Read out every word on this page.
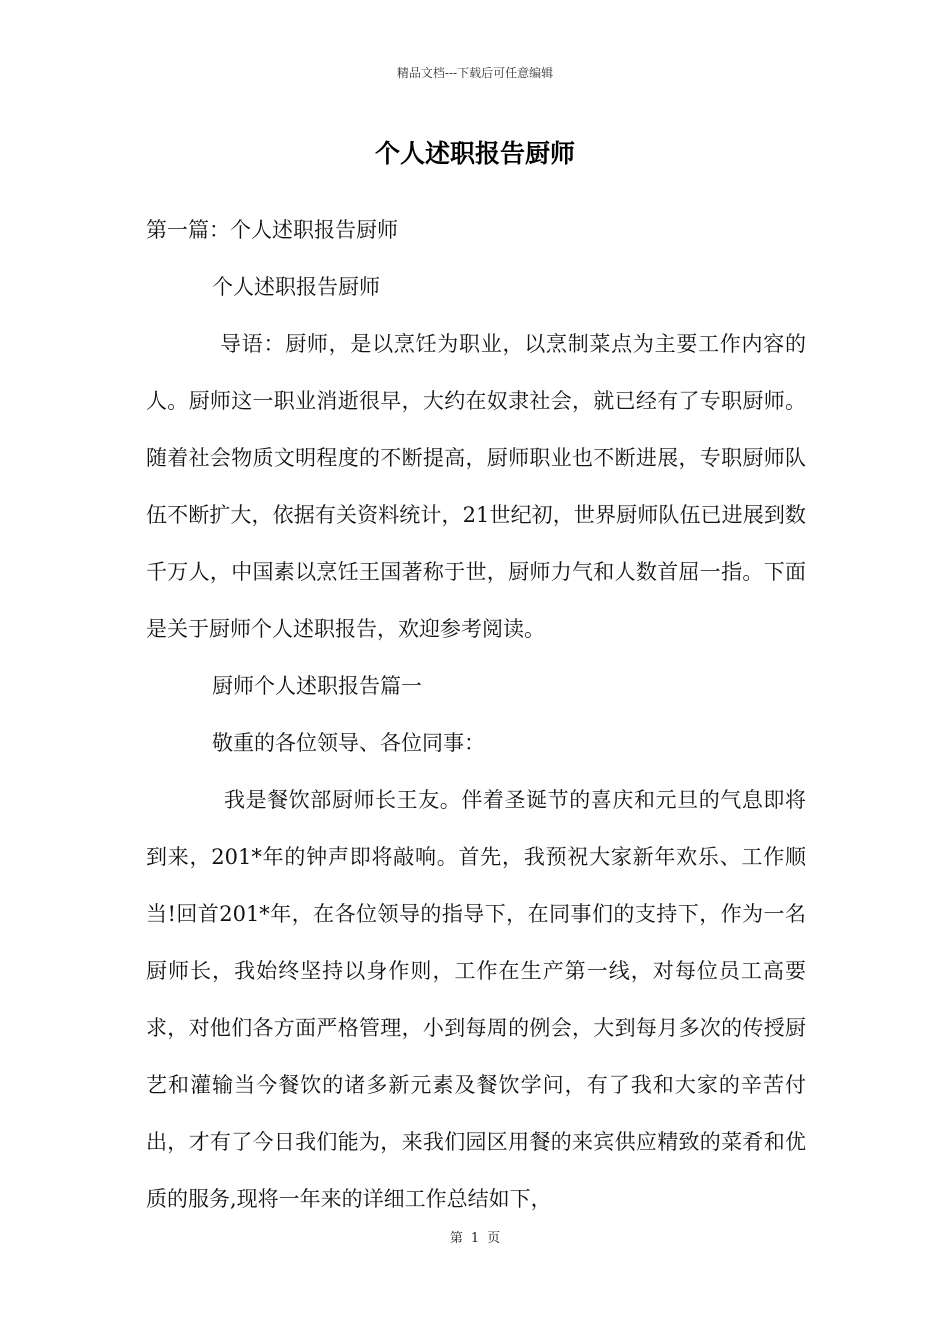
精品文档---下载后可任意编辑
个人述职报告厨师

第一篇：个人述职报告厨师

个人述职报告厨师

导语：厨师，是以烹饪为职业，以烹制菜点为主要工作内容的人。厨师这一职业消逝很早，大约在奴隶社会，就已经有了专职厨师。随着社会物质文明程度的不断提高，厨师职业也不断进展，专职厨师队伍不断扩大，依据有关资料统计，21世纪初，世界厨师队伍已进展到数千万人，中国素以烹饪王国著称于世，厨师力气和人数首屈一指。下面是关于厨师个人述职报告，欢迎参考阅读。

厨师个人述职报告篇一

敬重的各位领导、各位同事：

我是餐饮部厨师长王友。伴着圣诞节的喜庆和元旦的气息即将到来，201*年的钟声即将敲响。首先，我预祝大家新年欢乐、工作顺当!回首201*年，在各位领导的指导下，在同事们的支持下，作为一名厨师长，我始终坚持以身作则，工作在生产第一线，对每位员工高要求，对他们各方面严格管理，小到每周的例会，大到每月多次的传授厨艺和灌输当今餐饮的诸多新元素及餐饮学问，有了我和大家的辛苦付出，才有了今日我们能为，来我们园区用餐的来宾供应精致的菜肴和优质的服务,现将一年来的详细工作总结如下，

第 1 页
